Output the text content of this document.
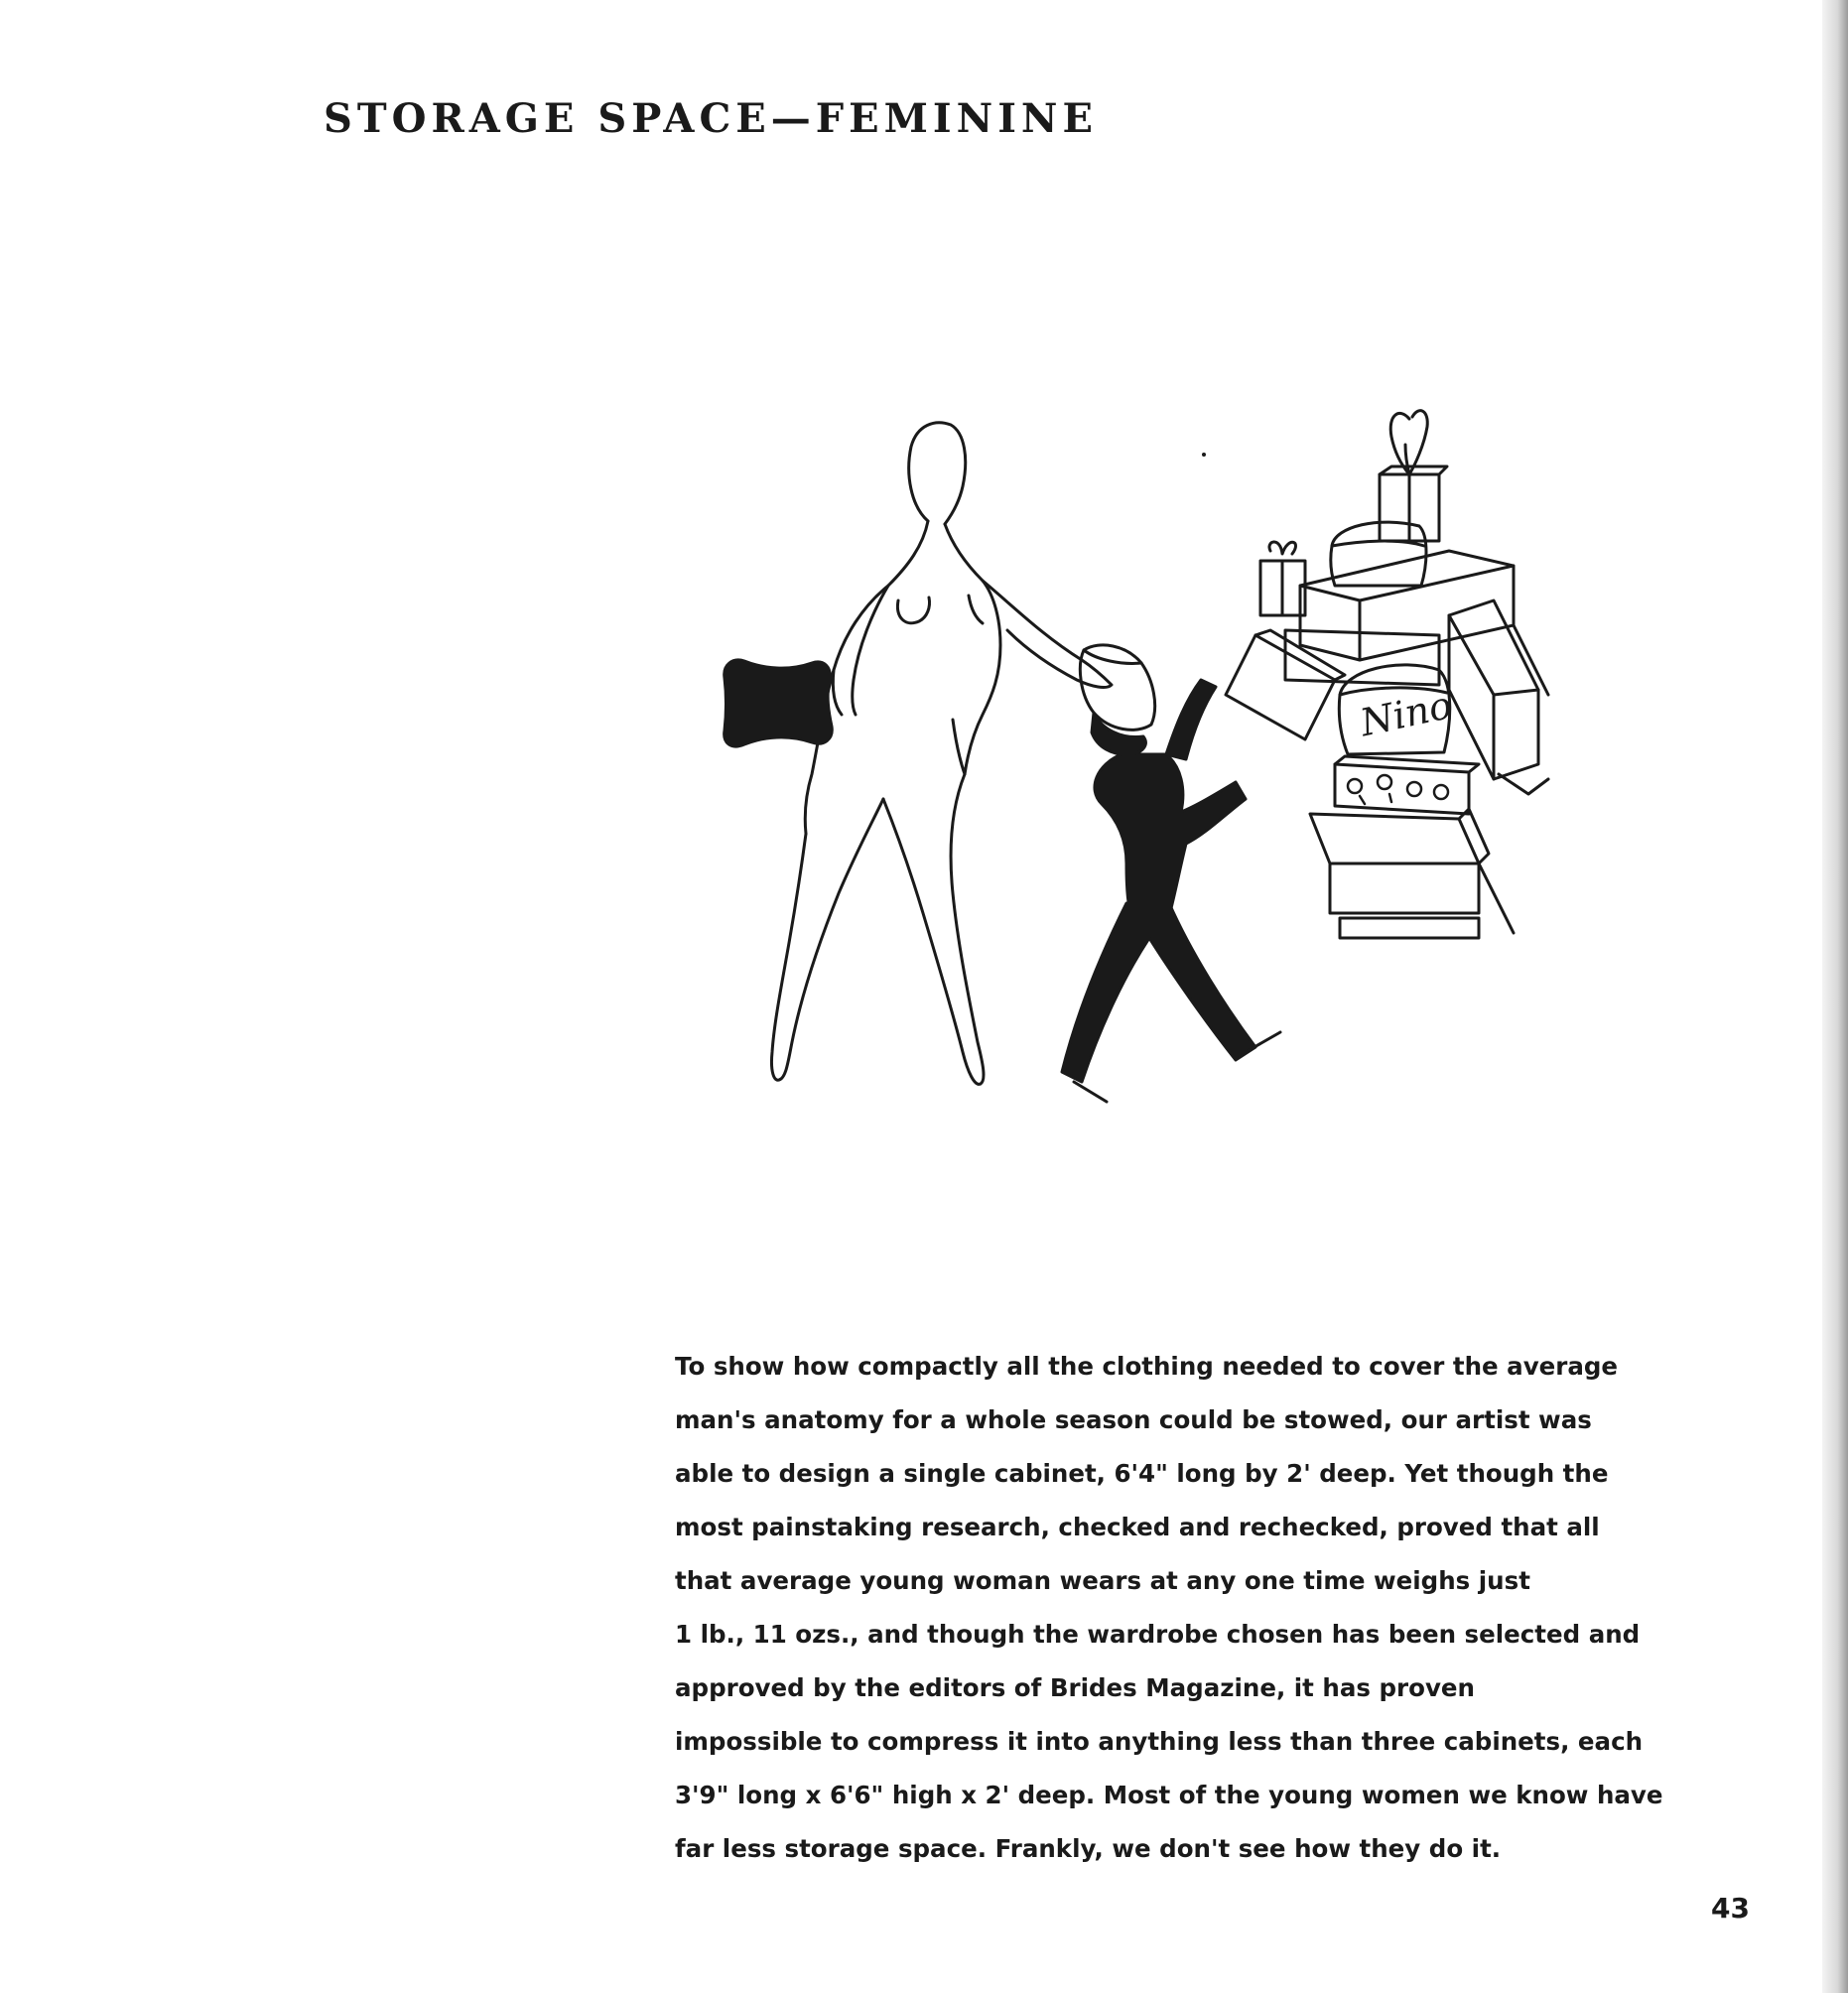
STORAGE SPACE—FEMININE
Nino

To show how compactly all the clothing needed to cover the average
man's anatomy for a whole season could be stowed, our artist was
able to design a single cabinet, 6'4" long by 2' deep. Yet though the
most painstaking research, checked and rechecked, proved that all
that average young woman wears at any one time weighs just
1 lb., 11 ozs., and though the wardrobe chosen has been selected and
approved by the editors of Brides Magazine, it has proven
impossible to compress it into anything less than three cabinets, each
3'9" long x 6'6" high x 2' deep. Most of the young women we know have
far less storage space. Frankly, we don't see how they do it.

43
